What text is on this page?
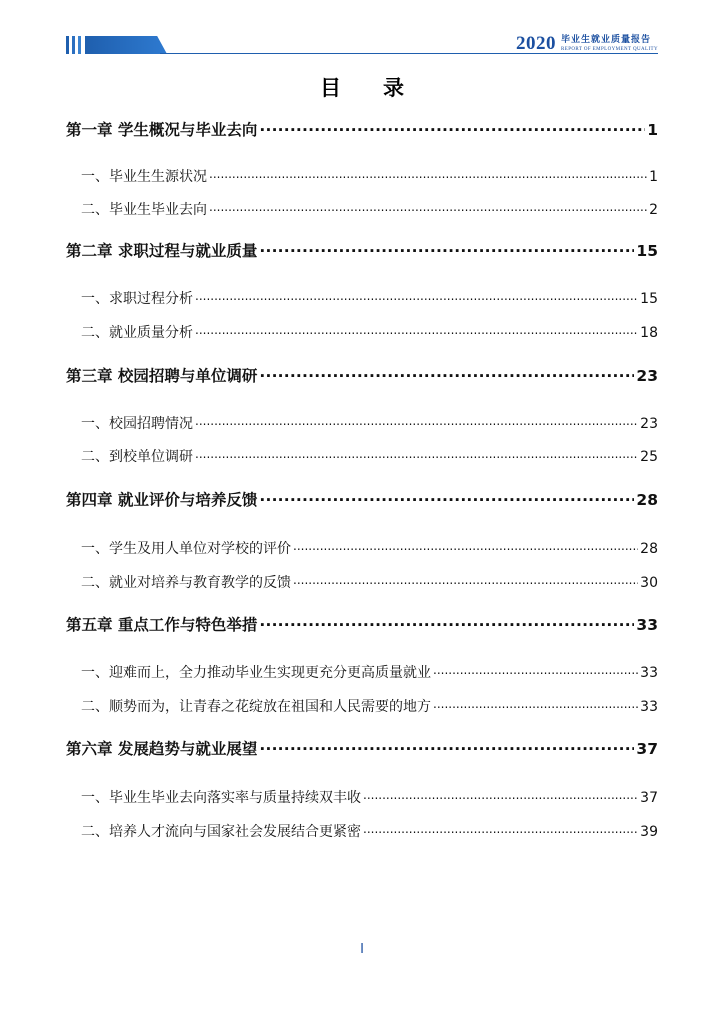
2020 毕业生就业质量报告
REPORT OF EMPLOYMENT QUALITY
目录
第一章 学生概况与毕业去向 .....	1
一、毕业生生源状况 .....	1
二、毕业生毕业去向 .....	2
第二章 求职过程与就业质量 .....	15
一、求职过程分析 .....	15
二、就业质量分析 .....	18
第三章 校园招聘与单位调研 .....	23
一、校园招聘情况 .....	23
二、到校单位调研 .....	25
第四章 就业评价与培养反馈 .....	28
一、学生及用人单位对学校的评价 .....	28
二、就业对培养与教育教学的反馈 .....	30
第五章 重点工作与特色举措 .....	33
一、迎难而上，全力推动毕业生实现更充分更高质量就业 .....	33
二、顺势而为，让青春之花绽放在祖国和人民需要的地方 .....	33
第六章 发展趋势与就业展望 .....	37
一、毕业生毕业去向落实率与质量持续双丰收 .....	37
二、培养人才流向与国家社会发展结合更紧密 .....	39
I
